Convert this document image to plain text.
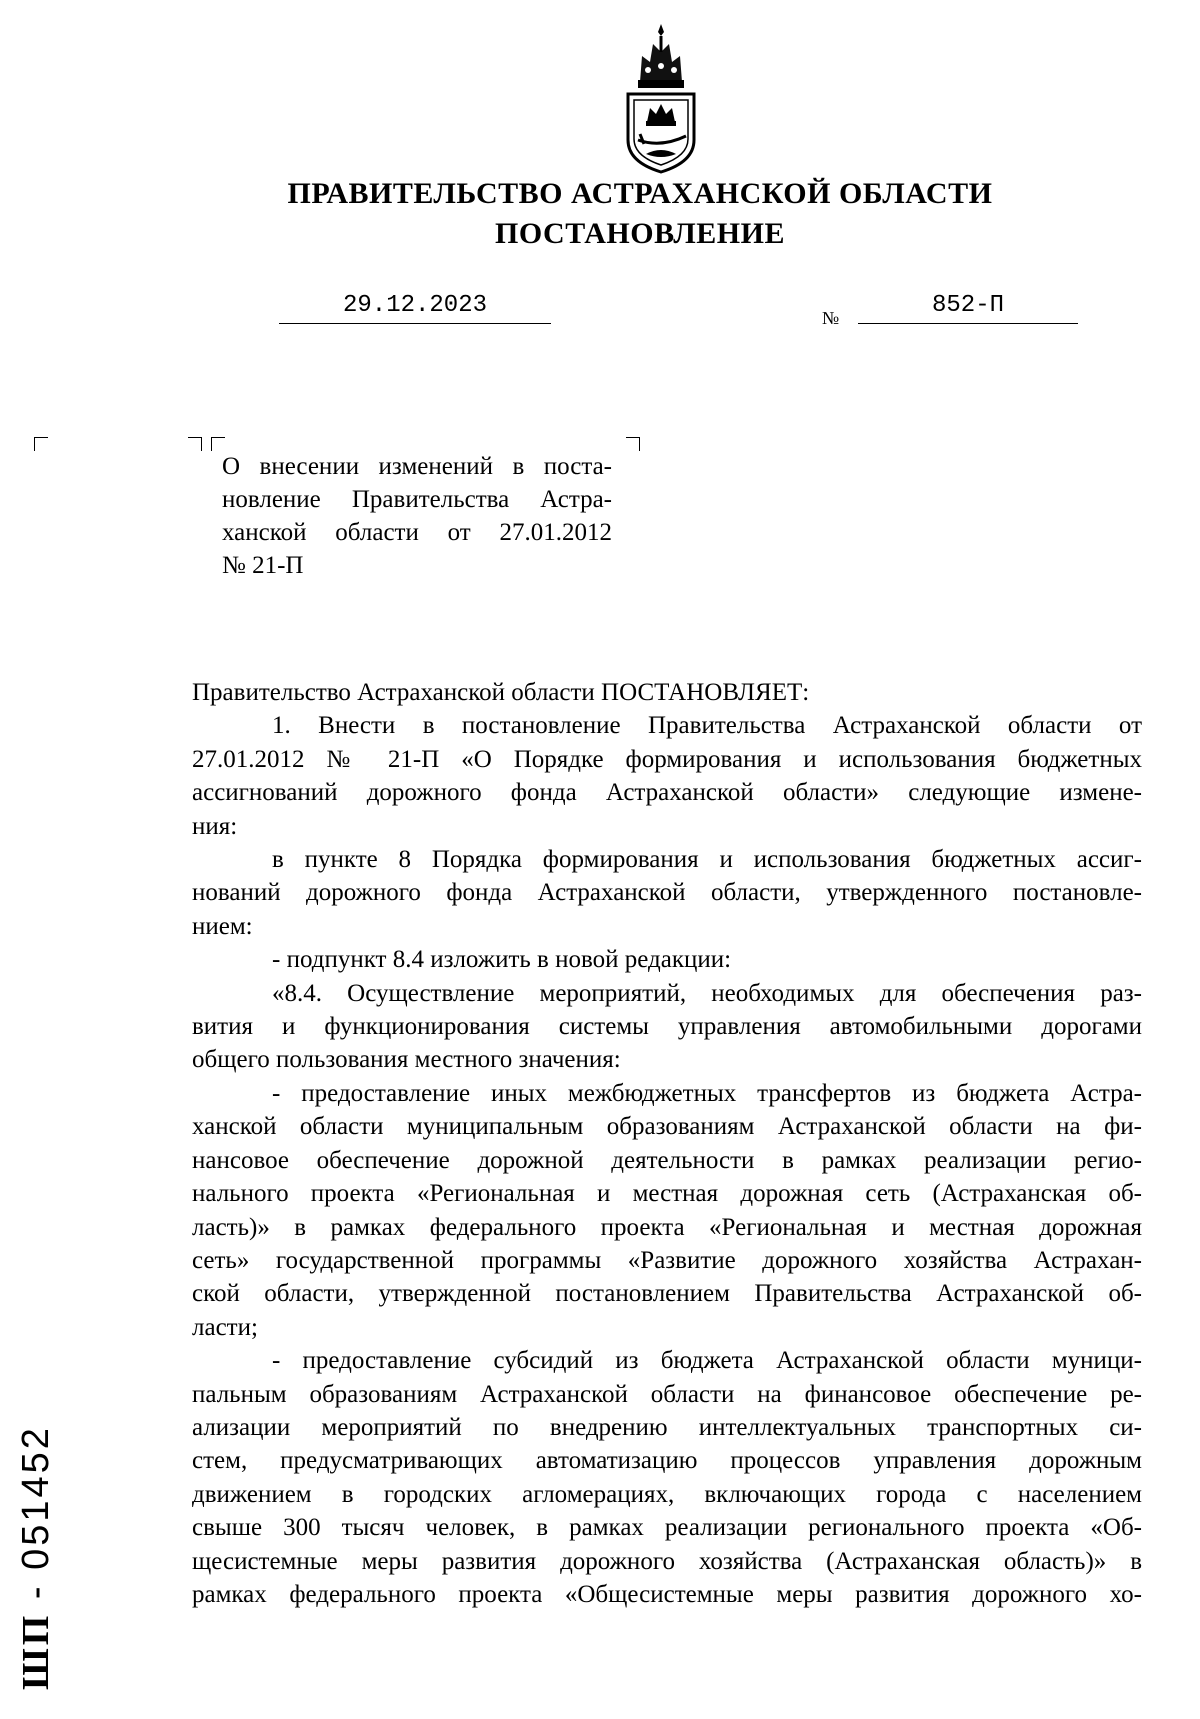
ПРАВИТЕЛЬСТВО АСТРАХАНСКОЙ ОБЛАСТИ
ПОСТАНОВЛЕНИЕ
29.12.2023	№	852-П
О внесении изменений в поста-
новление Правительства Астра-
ханской области от 27.01.2012
№ 21-П
Правительство Астраханской области ПОСТАНОВЛЯЕТ:
1. Внести в постановление Правительства Астраханской области от
27.01.2012 № 21-П «О Порядке формирования и использования бюджетных
ассигнований дорожного фонда Астраханской области» следующие измене-
ния:
в пункте 8 Порядка формирования и использования бюджетных ассиг-
нований дорожного фонда Астраханской области, утвержденного постановле-
нием:
- подпункт 8.4 изложить в новой редакции:
«8.4. Осуществление мероприятий, необходимых для обеспечения раз-
вития и функционирования системы управления автомобильными дорогами
общего пользования местного значения:
- предоставление иных межбюджетных трансфертов из бюджета Астра-
ханской области муниципальным образованиям Астраханской области на фи-
нансовое обеспечение дорожной деятельности в рамках реализации регио-
нального проекта «Региональная и местная дорожная сеть (Астраханская об-
ласть)» в рамках федерального проекта «Региональная и местная дорожная
сеть» государственной программы «Развитие дорожного хозяйства Астрахан-
ской области, утвержденной постановлением Правительства Астраханской об-
ласти;
- предоставление субсидий из бюджета Астраханской области муници-
пальным образованиям Астраханской области на финансовое обеспечение ре-
ализации мероприятий по внедрению интеллектуальных транспортных си-
стем, предусматривающих автоматизацию процессов управления дорожным
движением в городских агломерациях, включающих города с населением
свыше 300 тысяч человек, в рамках реализации регионального проекта «Об-
щесистемные меры развития дорожного хозяйства (Астраханская область)» в
рамках федерального проекта «Общесистемные меры развития дорожного хо-
ШП - 051452
